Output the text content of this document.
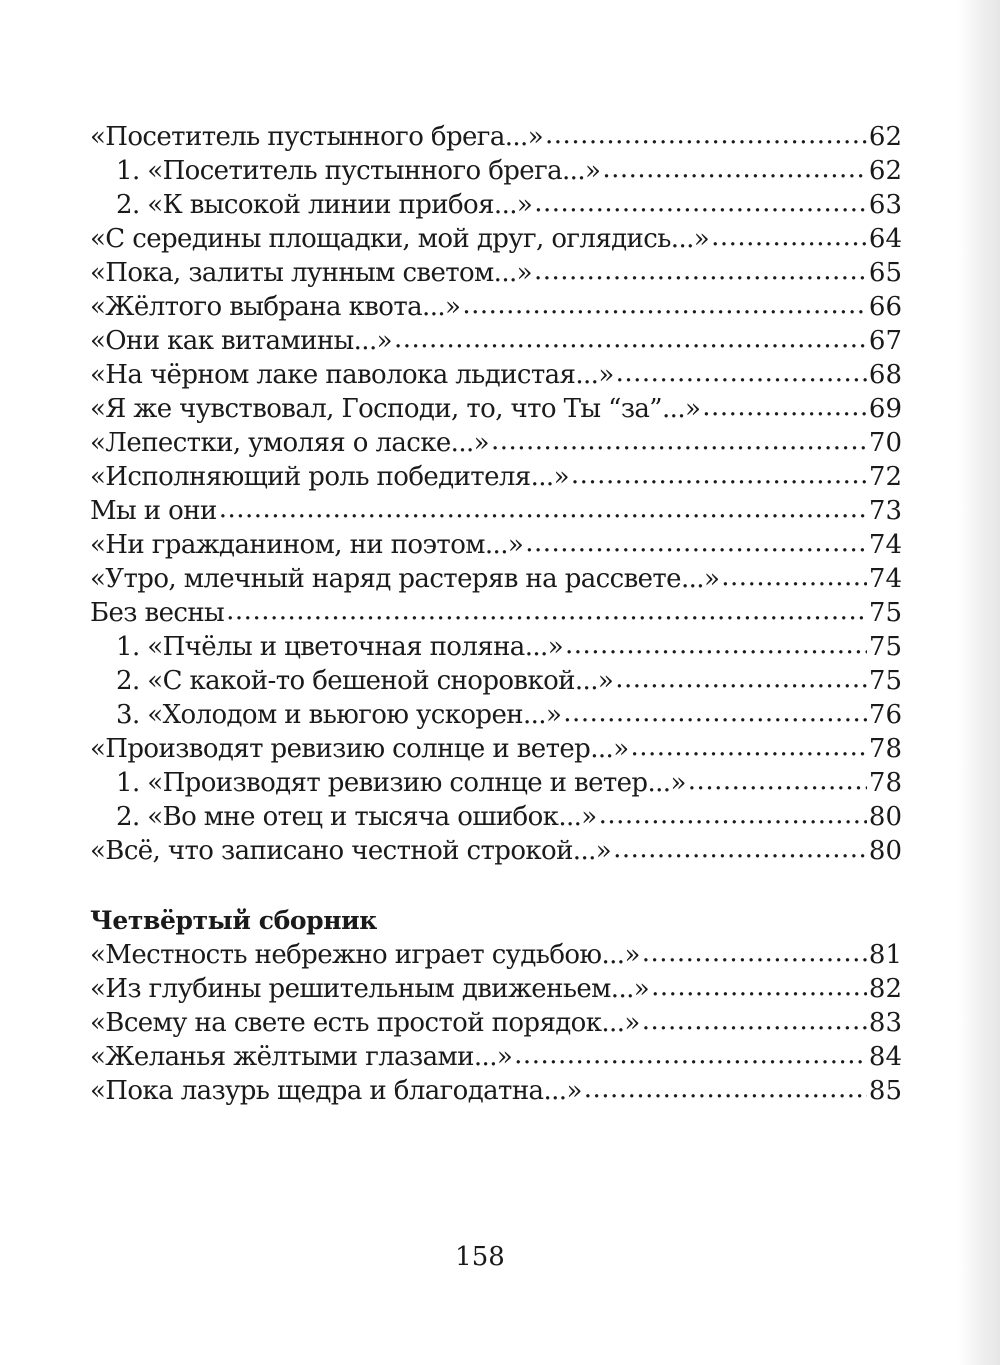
«Посетитель пустынного брега...» .....	62
1. «Посетитель пустынного брега...» .....	62
2. «К высокой линии прибоя...» .....	63
«С середины площадки, мой друг, оглядись...» .....	64
«Пока, залиты лунным светом...» .....	65
«Жёлтого выбрана квота...» .....	66
«Они как витамины...» .....	67
«На чёрном лаке паволока льдистая...» .....	68
«Я же чувствовал, Господи, то, что Ты “за”...» .....	69
«Лепестки, умоляя о ласке...» .....	70
«Исполняющий роль победителя...» .....	72
Мы и они .....	73
«Ни гражданином, ни поэтом...» .....	74
«Утро, млечный наряд растеряв на рассвете...» .....	74
Без весны .....	75
1. «Пчёлы и цветочная поляна...» .....	75
2. «С какой-то бешеной сноровкой...» .....	75
3. «Холодом и вьюгою ускорен...» .....	76
«Производят ревизию солнце и ветер...» .....	78
1. «Производят ревизию солнце и ветер...» .....	78
2. «Во мне отец и тысяча ошибок...» .....	80
«Всё, что записано честной строкой...» .....	80
Четвёртый сборник
«Местность небрежно играет судьбою...» .....	81
«Из глубины решительным движеньем...» .....	82
«Всему на свете есть простой порядок...» .....	83
«Желанья жёлтыми глазами...» .....	84
«Пока лазурь щедра и благодатна...» .....	85
158
